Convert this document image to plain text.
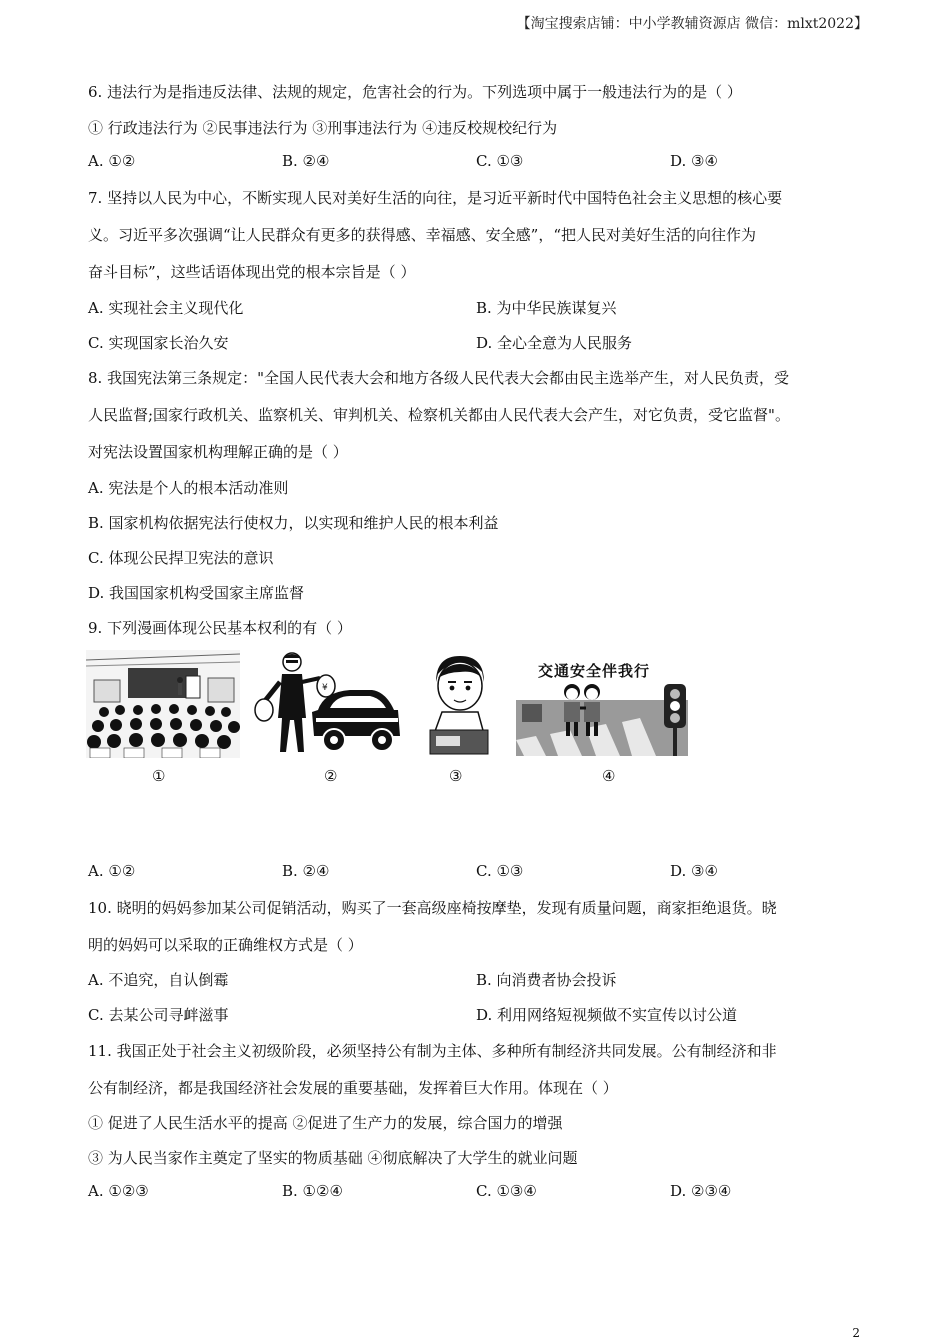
【淘宝搜索店铺：中小学教辅资源店 微信：mlxt2022】
6. 违法行为是指违反法律、法规的规定，危害社会的行为。下列选项中属于一般违法行为的是（ ）
① 行政违法行为 ②民事违法行为 ③刑事违法行为 ④违反校规校纪行为
A. ①②	B. ②④	C. ①③	D. ③④
7. 坚持以人民为中心，不断实现人民对美好生活的向往，是习近平新时代中国特色社会主义思想的核心要
义。习近平多次强调“让人民群众有更多的获得感、幸福感、安全感”，“把人民对美好生活的向往作为
奋斗目标”，这些话语体现出党的根本宗旨是（ ）
A. 实现社会主义现代化	B. 为中华民族谋复兴
C. 实现国家长治久安	D. 全心全意为人民服务
8. 我国宪法第三条规定："全国人民代表大会和地方各级人民代表大会都由民主选举产生，对人民负责，受
人民监督;国家行政机关、监察机关、审判机关、检察机关都由人民代表大会产生，对它负责，受它监督"。
对宪法设置国家机构理解正确的是（ ）
A. 宪法是个人的根本活动准则
B. 国家机构依据宪法行使权力，以实现和维护人民的根本利益
C. 体现公民捍卫宪法的意识
D. 我国国家机构受国家主席监督
9. 下列漫画体现公民基本权利的有（ ）
¥
交通安全伴我行
①	②	③	④
A. ①②	B. ②④	C. ①③	D. ③④
10. 晓明的妈妈参加某公司促销活动，购买了一套高级座椅按摩垫，发现有质量问题，商家拒绝退货。晓
明的妈妈可以采取的正确维权方式是（ ）
A. 不追究，自认倒霉	B. 向消费者协会投诉
C. 去某公司寻衅滋事	D. 利用网络短视频做不实宣传以讨公道
11. 我国正处于社会主义初级阶段，必须坚持公有制为主体、多种所有制经济共同发展。公有制经济和非
公有制经济，都是我国经济社会发展的重要基础，发挥着巨大作用。体现在（ ）
① 促进了人民生活水平的提高 ②促进了生产力的发展，综合国力的增强
③ 为人民当家作主奠定了坚实的物质基础 ④彻底解决了大学生的就业问题
A. ①②③	B. ①②④	C. ①③④	D. ②③④
2
